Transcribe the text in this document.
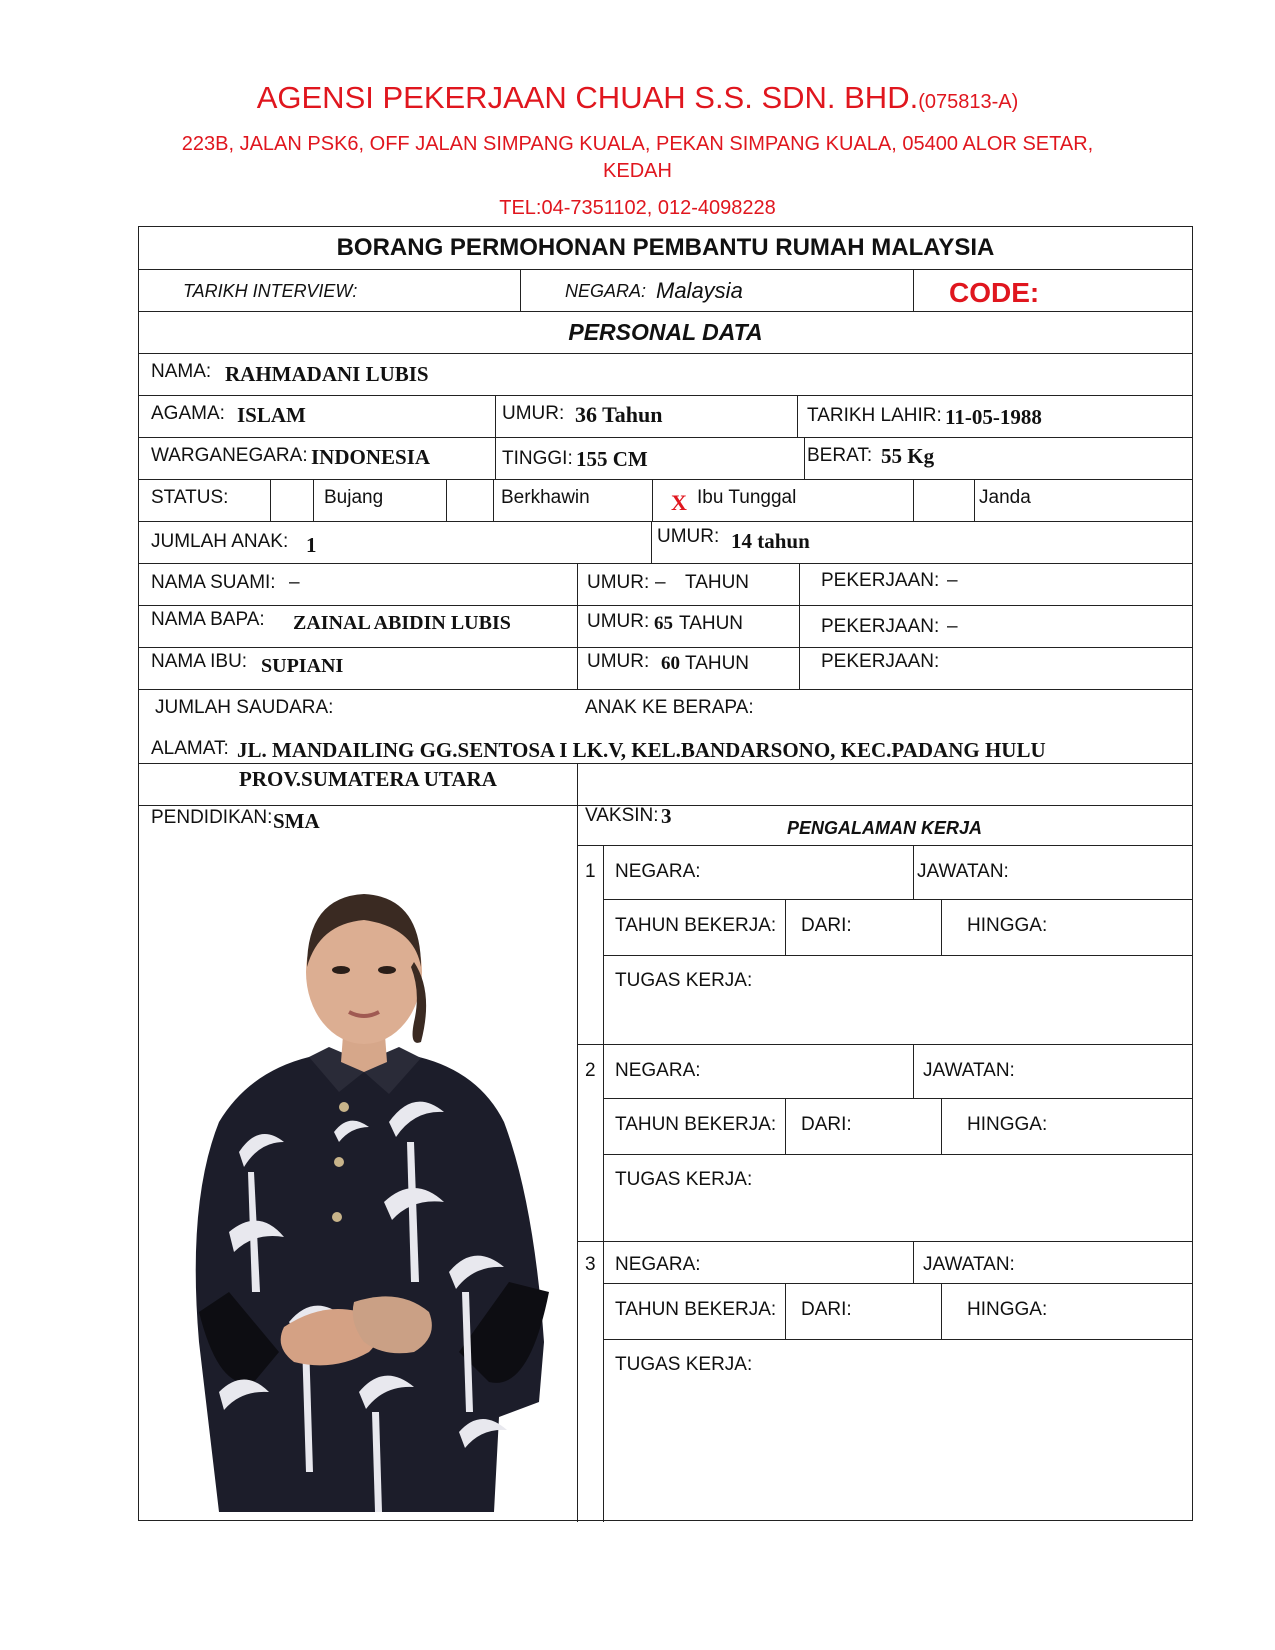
AGENSI PEKERJAAN CHUAH S.S. SDN. BHD.(075813-A)
223B, JALAN PSK6, OFF JALAN SIMPANG KUALA, PEKAN SIMPANG KUALA, 05400 ALOR SETAR,
KEDAH
TEL:04-7351102, 012-4098228
BORANG PERMOHONAN PEMBANTU RUMAH MALAYSIA
TARIKH INTERVIEW:	NEGARA: Malaysia	CODE:
PERSONAL DATA
NAMA: RAHMADANI LUBIS
AGAMA: ISLAM	UMUR: 36 Tahun	TARIKH LAHIR: 11-05-1988
WARGANEGARA: INDONESIA	TINGGI: 155 CM	BERAT: 55 Kg
STATUS:	Bujang	Berkhawin	X Ibu Tunggal	Janda
JUMLAH ANAK: 1	UMUR: 14 tahun
NAMA SUAMI: –	UMUR: – TAHUN	PEKERJAAN: –
NAMA BAPA: ZAINAL ABIDIN LUBIS	UMUR: 65 TAHUN	PEKERJAAN: –
NAMA IBU: SUPIANI	UMUR: 60 TAHUN	PEKERJAAN:
JUMLAH SAUDARA:	ANAK KE BERAPA:
ALAMAT: JL. MANDAILING GG.SENTOSA I LK.V, KEL.BANDARSONO, KEC.PADANG HULU
PROV.SUMATERA UTARA
PENDIDIKAN: SMA	VAKSIN: 3	PENGALAMAN KERJA
1 NEGARA:	JAWATAN:
TAHUN BEKERJA: DARI:	HINGGA:
TUGAS KERJA:
2 NEGARA:	JAWATAN:
TAHUN BEKERJA: DARI:	HINGGA:
TUGAS KERJA:
3 NEGARA:	JAWATAN:
TAHUN BEKERJA: DARI:	HINGGA:
TUGAS KERJA:
